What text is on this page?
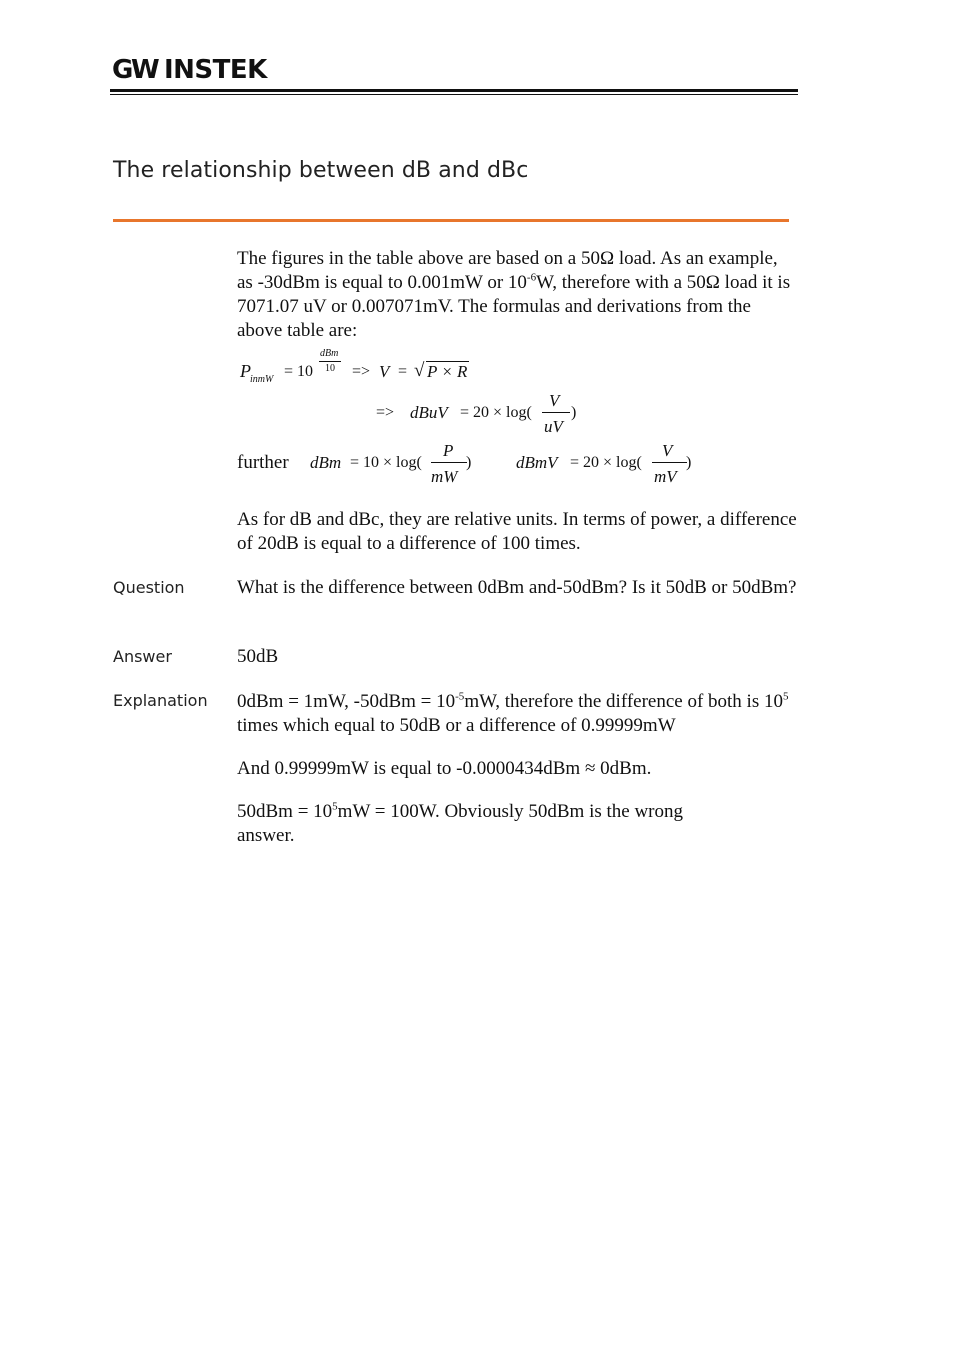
G
W INSTEK
The relationship between dB and dBc
The figures in the table above are based on a 50Ω load. As an example, as -30dBm is equal to 0.001mW or $10^{-6}W$, therefore with a 50Ω load it is 7071.07 uV or 0.007071mV. The formulas and derivations from the above table are:
P inmW = 10
dBm
10 => V = √ P × R
=> dBuV = 20 × log(
V
uV
)
further dBm = 10 × log(
P
mW
)	dBmV = 20 × log(
V
mV
)
As for dB and dBc, they are relative units. In terms of power, a difference of 20dB is equal to a difference of 100 times.
Question	What is the difference between 0dBm and-50dBm? Is it 50dB or 50dBm?
Answer	50dB
Explanation 0dBm = 1mW, $-50dBm = 10^{-5}mW$, therefore the difference of both is $10^5$ times which equal to 50dB or a difference of 0.99999mW
And 0.99999mW is equal to -0.0000434dBm ≈ 0dBm.
$50dBm = 10^5mW = 100W$. Obviously 50dBm is the wrong answer.
